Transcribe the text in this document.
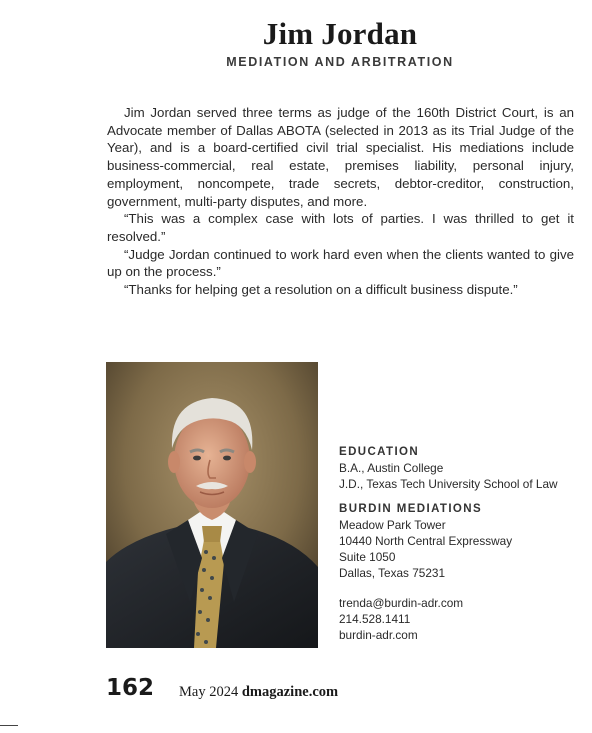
Jim Jordan
MEDIATION AND ARBITRATION

Jim Jordan served three terms as judge of the 160th District Court, is an Advocate member of Dallas ABOTA (selected in 2013 as its Trial Judge of the Year), and is a board-certified civil trial specialist. His mediations include business-commercial, real estate, premises liability, personal injury, employment, noncompete, trade secrets, debtor-creditor, construction, government, multi-party disputes, and more.

“This was a complex case with lots of parties. I was thrilled to get it resolved.”

“Judge Jordan continued to work hard even when the clients wanted to give up on the process.”

“Thanks for helping get a resolution on a difficult business dispute.”

EDUCATION
B.A., Austin College
J.D., Texas Tech University School of Law
BURDIN MEDIATIONS
Meadow Park Tower
10440 North Central Expressway
Suite 1050
Dallas, Texas 75231
trenda@burdin-adr.com
214.528.1411
burdin-adr.com
162 May 2024 dmagazine.com
